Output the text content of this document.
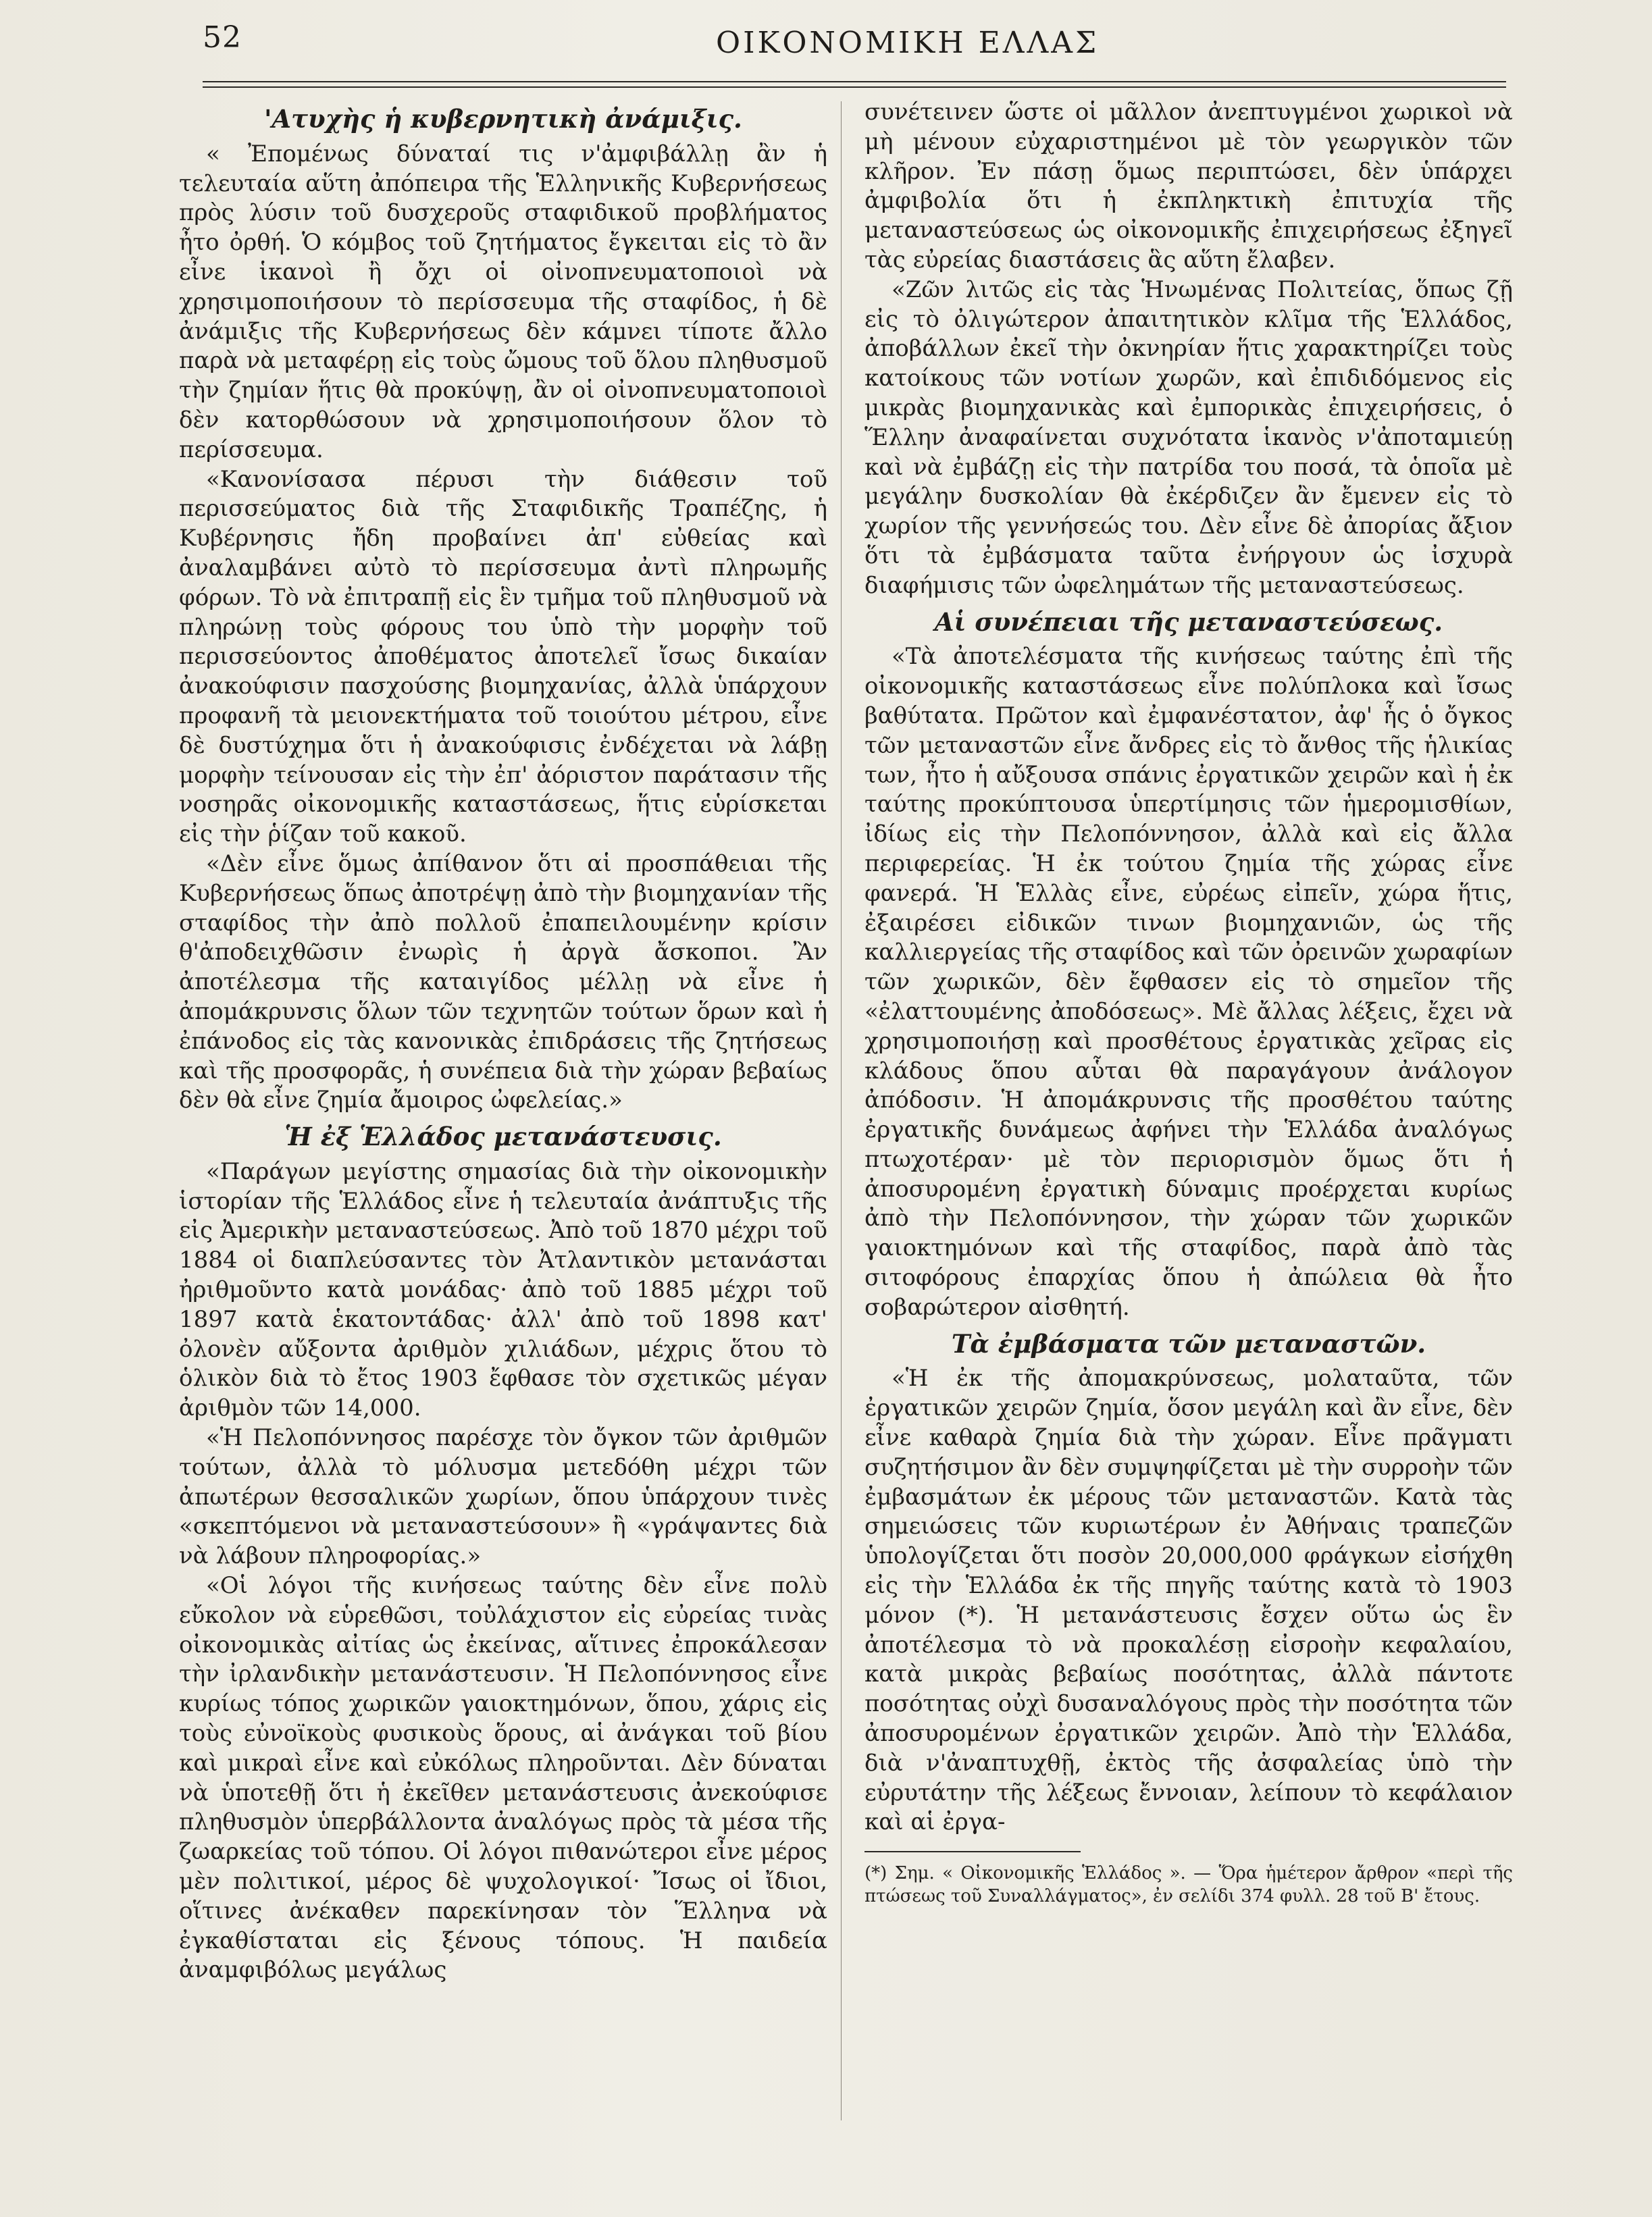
52	ΟΙΚΟΝΟΜΙΚΗ ΕΛΛΑΣ
'Ατυχὴς ἡ κυβερνητικὴ ἀνάμιξις.

« Ἐπομένως δύναταί τις ν'ἀμφιβάλλῃ ἂν ἡ τελευταία αὕτη ἀπόπειρα τῆς Ἑλληνικῆς Κυβερνήσεως πρὸς λύσιν τοῦ δυσχεροῦς σταφιδικοῦ προβλήματος ἦτο ὀρθή. Ὁ κόμβος τοῦ ζητήματος ἔγκειται εἰς τὸ ἂν εἶνε ἱκανοὶ ἢ ὄχι οἱ οἰνοπνευματοποιοὶ νὰ χρησιμοποιήσουν τὸ περίσσευμα τῆς σταφίδος, ἡ δὲ ἀνάμιξις τῆς Κυβερνήσεως δὲν κάμνει τίποτε ἄλλο παρὰ νὰ μεταφέρῃ εἰς τοὺς ὤμους τοῦ ὅλου πληθυσμοῦ τὴν ζημίαν ἥτις θὰ προκύψῃ, ἂν οἱ οἰνοπνευματοποιοὶ δὲν κατορθώσουν νὰ χρησιμοποιήσουν ὅλον τὸ περίσσευμα.

«Κανονίσασα πέρυσι τὴν διάθεσιν τοῦ περισσεύματος διὰ τῆς Σταφιδικῆς Τραπέζης, ἡ Κυβέρνησις ἤδη προβαίνει ἀπ' εὐθείας καὶ ἀναλαμβάνει αὐτὸ τὸ περίσσευμα ἀντὶ πληρωμῆς φόρων. Τὸ νὰ ἐπιτραπῇ εἰς ἓν τμῆμα τοῦ πληθυσμοῦ νὰ πληρώνῃ τοὺς φόρους του ὑπὸ τὴν μορφὴν τοῦ περισσεύοντος ἀποθέματος ἀποτελεῖ ἴσως δικαίαν ἀνακούφισιν πασχούσης βιομηχανίας, ἀλλὰ ὑπάρχουν προφανῆ τὰ μειονεκτήματα τοῦ τοιούτου μέτρου, εἶνε δὲ δυστύχημα ὅτι ἡ ἀνακούφισις ἐνδέχεται νὰ λάβῃ μορφὴν τείνουσαν εἰς τὴν ἐπ' ἀόριστον παράτασιν τῆς νοσηρᾶς οἰκονομικῆς καταστάσεως, ἥτις εὑρίσκεται εἰς τὴν ῥίζαν τοῦ κακοῦ.

«Δὲν εἶνε ὅμως ἀπίθανον ὅτι αἱ προσπάθειαι τῆς Κυβερνήσεως ὅπως ἀποτρέψῃ ἀπὸ τὴν βιομηχανίαν τῆς σταφίδος τὴν ἀπὸ πολλοῦ ἐπαπειλουμένην κρίσιν θ'ἀποδειχθῶσιν ἐνωρὶς ἡ ἀργὰ ἄσκοποι. Ἂν ἀποτέλεσμα τῆς καταιγίδος μέλλῃ νὰ εἶνε ἡ ἀπομάκρυνσις ὅλων τῶν τεχνητῶν τούτων ὅρων καὶ ἡ ἐπάνοδος εἰς τὰς κανονικὰς ἐπιδράσεις τῆς ζητήσεως καὶ τῆς προσφορᾶς, ἡ συνέπεια διὰ τὴν χώραν βεβαίως δὲν θὰ εἶνε ζημία ἄμοιρος ὠφελείας.»

Ἡ ἐξ Ἑλλάδος μετανάστευσις.

«Παράγων μεγίστης σημασίας διὰ τὴν οἰκονομικὴν ἱστορίαν τῆς Ἑλλάδος εἶνε ἡ τελευταία ἀνάπτυξις τῆς εἰς Ἀμερικὴν μεταναστεύσεως. Ἀπὸ τοῦ 1870 μέχρι τοῦ 1884 οἱ διαπλεύσαντες τὸν Ἀτλαντικὸν μετανάσται ἠριθμοῦντο κατὰ μονάδας· ἀπὸ τοῦ 1885 μέχρι τοῦ 1897 κατὰ ἑκατοντάδας· ἀλλ' ἀπὸ τοῦ 1898 κατ' ὀλονὲν αὔξοντα ἀριθμὸν χιλιάδων, μέχρις ὅτου τὸ ὁλικὸν διὰ τὸ ἔτος 1903 ἔφθασε τὸν σχετικῶς μέγαν ἀριθμὸν τῶν 14,000.

«Ἡ Πελοπόννησος παρέσχε τὸν ὄγκον τῶν ἀριθμῶν τούτων, ἀλλὰ τὸ μόλυσμα μετεδόθη μέχρι τῶν ἀπωτέρων θεσσαλικῶν χωρίων, ὅπου ὑπάρχουν τινὲς «σκεπτόμενοι νὰ μεταναστεύσουν» ἢ «γράψαντες διὰ νὰ λάβουν πληροφορίας.»

«Οἱ λόγοι τῆς κινήσεως ταύτης δὲν εἶνε πολὺ εὔκολον νὰ εὑρεθῶσι, τοὐλάχιστον εἰς εὐρείας τινὰς οἰκονομικὰς αἰτίας ὡς ἐκείνας, αἵτινες ἐπροκάλεσαν τὴν ἰρλανδικὴν μετανάστευσιν. Ἡ Πελοπόννησος εἶνε κυρίως τόπος χωρικῶν γαιοκτημόνων, ὅπου, χάρις εἰς τοὺς εὐνοϊκοὺς φυσικοὺς ὅρους, αἱ ἀνάγκαι τοῦ βίου καὶ μικραὶ εἶνε καὶ εὐκόλως πληροῦνται. Δὲν δύναται νὰ ὑποτεθῇ ὅτι ἡ ἐκεῖθεν μετανάστευσις ἀνεκούφισε πληθυσμὸν ὑπερβάλλοντα ἀναλόγως πρὸς τὰ μέσα τῆς ζωαρκείας τοῦ τόπου. Οἱ λόγοι πιθανώτεροι εἶνε μέρος μὲν πολιτικοί, μέρος δὲ ψυχολογικοί· Ἴσως οἱ ἴδιοι, οἵτινες ἀνέκαθεν παρεκίνησαν τὸν Ἕλληνα νὰ ἐγκαθίσταται εἰς ξένους τόπους. Ἡ παιδεία ἀναμφιβόλως μεγάλως

συνέτεινεν ὥστε οἱ μᾶλλον ἀνεπτυγμένοι χωρικοὶ νὰ μὴ μένουν εὐχαριστημένοι μὲ τὸν γεωργικὸν τῶν κλῆρον. Ἐν πάσῃ ὅμως περιπτώσει, δὲν ὑπάρχει ἀμφιβολία ὅτι ἡ ἐκπληκτικὴ ἐπιτυχία τῆς μεταναστεύσεως ὡς οἰκονομικῆς ἐπιχειρήσεως ἐξηγεῖ τὰς εὐρείας διαστάσεις ἃς αὕτη ἔλαβεν.

«Ζῶν λιτῶς εἰς τὰς Ἡνωμένας Πολιτείας, ὅπως ζῇ εἰς τὸ ὀλιγώτερον ἀπαιτητικὸν κλῖμα τῆς Ἑλλάδος, ἀποβάλλων ἐκεῖ τὴν ὀκνηρίαν ἥτις χαρακτηρίζει τοὺς κατοίκους τῶν νοτίων χωρῶν, καὶ ἐπιδιδόμενος εἰς μικρὰς βιομηχανικὰς καὶ ἐμπορικὰς ἐπιχειρήσεις, ὁ Ἕλλην ἀναφαίνεται συχνότατα ἱκανὸς ν'ἀποταμιεύῃ καὶ νὰ ἐμβάζῃ εἰς τὴν πατρίδα του ποσά, τὰ ὁποῖα μὲ μεγάλην δυσκολίαν θὰ ἐκέρδιζεν ἂν ἔμενεν εἰς τὸ χωρίον τῆς γεννήσεώς του. Δὲν εἶνε δὲ ἀπορίας ἄξιον ὅτι τὰ ἐμβάσματα ταῦτα ἐνήργουν ὡς ἰσχυρὰ διαφήμισις τῶν ὠφελημάτων τῆς μεταναστεύσεως.

Αἱ συνέπειαι τῆς μεταναστεύσεως.

«Τὰ ἀποτελέσματα τῆς κινήσεως ταύτης ἐπὶ τῆς οἰκονομικῆς καταστάσεως εἶνε πολύπλοκα καὶ ἴσως βαθύτατα. Πρῶτον καὶ ἐμφανέστατον, ἀφ' ἧς ὁ ὄγκος τῶν μεταναστῶν εἶνε ἄνδρες εἰς τὸ ἄνθος τῆς ἡλικίας των, ἦτο ἡ αὔξουσα σπάνις ἐργατικῶν χειρῶν καὶ ἡ ἐκ ταύτης προκύπτουσα ὑπερτίμησις τῶν ἡμερομισθίων, ἰδίως εἰς τὴν Πελοπόννησον, ἀλλὰ καὶ εἰς ἄλλα περιφερείας. Ἡ ἐκ τούτου ζημία τῆς χώρας εἶνε φανερά. Ἡ Ἑλλὰς εἶνε, εὐρέως εἰπεῖν, χώρα ἥτις, ἐξαιρέσει εἰδικῶν τινων βιομηχανιῶν, ὡς τῆς καλλιεργείας τῆς σταφίδος καὶ τῶν ὀρεινῶν χωραφίων τῶν χωρικῶν, δὲν ἔφθασεν εἰς τὸ σημεῖον τῆς «ἐλαττουμένης ἀποδόσεως». Μὲ ἄλλας λέξεις, ἔχει νὰ χρησιμοποιήσῃ καὶ προσθέτους ἐργατικὰς χεῖρας εἰς κλάδους ὅπου αὗται θὰ παραγάγουν ἀνάλογον ἀπόδοσιν. Ἡ ἀπομάκρυνσις τῆς προσθέτου ταύτης ἐργατικῆς δυνάμεως ἀφήνει τὴν Ἑλλάδα ἀναλόγως πτωχοτέραν· μὲ τὸν περιορισμὸν ὅμως ὅτι ἡ ἀποσυρομένη ἐργατικὴ δύναμις προέρχεται κυρίως ἀπὸ τὴν Πελοπόννησον, τὴν χώραν τῶν χωρικῶν γαιοκτημόνων καὶ τῆς σταφίδος, παρὰ ἀπὸ τὰς σιτοφόρους ἐπαρχίας ὅπου ἡ ἀπώλεια θὰ ἦτο σοβαρώτερον αἰσθητή.

Τὰ ἐμβάσματα τῶν μεταναστῶν.

«Ἡ ἐκ τῆς ἀπομακρύνσεως, μολαταῦτα, τῶν ἐργατικῶν χειρῶν ζημία, ὅσον μεγάλη καὶ ἂν εἶνε, δὲν εἶνε καθαρὰ ζημία διὰ τὴν χώραν. Εἶνε πρᾶγματι συζητήσιμον ἂν δὲν συμψηφίζεται μὲ τὴν συρροὴν τῶν ἐμβασμάτων ἐκ μέρους τῶν μεταναστῶν. Κατὰ τὰς σημειώσεις τῶν κυριωτέρων ἐν Ἀθήναις τραπεζῶν ὑπολογίζεται ὅτι ποσὸν 20,000,000 φράγκων εἰσήχθη εἰς τὴν Ἑλλάδα ἐκ τῆς πηγῆς ταύτης κατὰ τὸ 1903 μόνον (*). Ἡ μετανάστευσις ἔσχεν οὕτω ὡς ἓν ἀποτέλεσμα τὸ νὰ προκαλέσῃ εἰσροὴν κεφαλαίου, κατὰ μικρὰς βεβαίως ποσότητας, ἀλλὰ πάντοτε ποσότητας οὐχὶ δυσαναλόγους πρὸς τὴν ποσότητα τῶν ἀποσυρομένων ἐργατικῶν χειρῶν. Ἀπὸ τὴν Ἑλλάδα, διὰ ν'ἀναπτυχθῇ, ἐκτὸς τῆς ἀσφαλείας ὑπὸ τὴν εὐρυτάτην τῆς λέξεως ἔννοιαν, λείπουν τὸ κεφάλαιον καὶ αἱ ἐργα-

(*) Σημ. « Οἰκονομικῆς Ἑλλάδος ». — Ὅρα ἡμέτερον ἄρθρον «περὶ τῆς πτώσεως τοῦ Συναλλάγματος», ἐν σελίδι 374 φυλλ. 28 τοῦ Β' ἔτους.
